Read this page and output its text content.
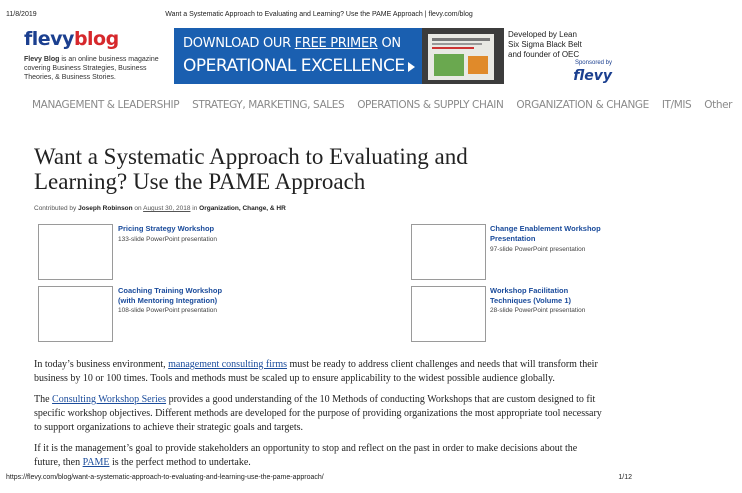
11/8/2019	Want a Systematic Approach to Evaluating and Learning? Use the PAME Approach | flevy.com/blog
flevyblog
Flevy Blog is an online business magazine covering Business Strategies, Business Theories, & Business Stories.
DOWNLOAD OUR FREE PRIMER ON
OPERATIONAL EXCELLENCE
Developed by Lean Six Sigma Black Belt and founder of OEC
Sponsored by
flevy
MANAGEMENT & LEADERSHIP STRATEGY, MARKETING, SALES OPERATIONS & SUPPLY CHAIN ORGANIZATION & CHANGE IT/MIS Other
Want a Systematic Approach to Evaluating and Learning? Use the PAME Approach
Contributed by Joseph Robinson on August 30, 2018 in Organization, Change, & HR
Pricing Strategy Workshop
133-slide PowerPoint presentation
Change Enablement Workshop Presentation
97-slide PowerPoint presentation
Coaching Training Workshop (with Mentoring Integration)
108-slide PowerPoint presentation
Workshop Facilitation Techniques (Volume 1)
28-slide PowerPoint presentation
In today’s business environment, management consulting firms must be ready to address client challenges and needs that will transform their business by 10 or 100 times. Tools and methods must be scaled up to ensure applicability to the widest possible audience globally.
The Consulting Workshop Series provides a good understanding of the 10 Methods of conducting Workshops that are custom designed to fit specific workshop objectives. Different methods are developed for the purpose of providing organizations the most appropriate tool necessary to support organizations to achieve their strategic goals and targets.
If it is the management’s goal to provide stakeholders an opportunity to stop and reflect on the past in order to make decisions about the future, then PAME is the perfect method to undertake.
https://flevy.com/blog/want-a-systematic-approach-to-evaluating-and-learning-use-the-pame-approach/	1/12
